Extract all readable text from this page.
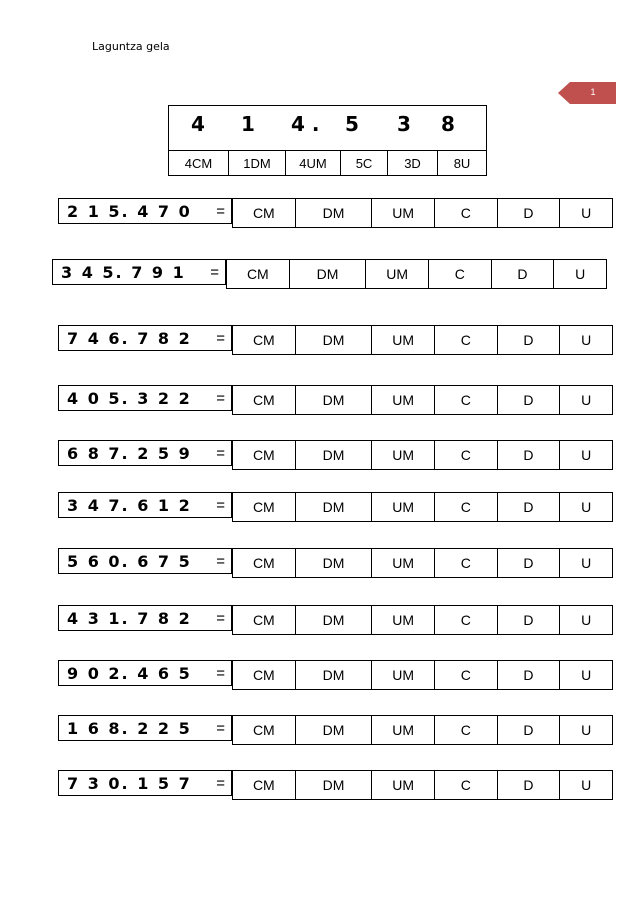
Laguntza gela
1
4 1 4 . 5 3 8
4CM	1DM	4UM	5C	3D	8U
2 1 5. 4 7 0 =	CM	DM	UM	C	D	U
3 4 5. 7 9 1 =	CM	DM	UM	C	D	U
7 4 6. 7 8 2 =	CM	DM	UM	C	D	U
4 0 5. 3 2 2 =	CM	DM	UM	C	D	U
6 8 7. 2 5 9 =	CM	DM	UM	C	D	U
3 4 7. 6 1 2 =	CM	DM	UM	C	D	U
5 6 0. 6 7 5 =	CM	DM	UM	C	D	U
4 3 1. 7 8 2 =	CM	DM	UM	C	D	U
9 0 2. 4 6 5 =	CM	DM	UM	C	D	U
1 6 8. 2 2 5 =	CM	DM	UM	C	D	U
7 3 0. 1 5 7 =	CM	DM	UM	C	D	U
